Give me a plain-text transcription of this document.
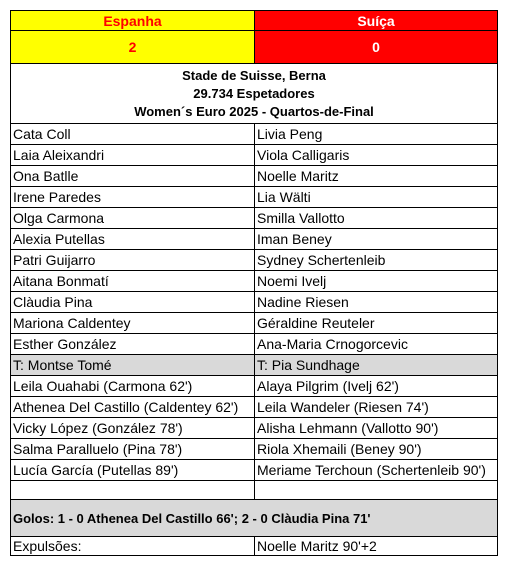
Espanha	Suíça
2	0

Stade de Suisse, Berna
29.734 Espetadores
Women´s Euro 2025 - Quartos-de-Final	

Cata Coll	Livia Peng
Laia Aleixandri	Viola Calligaris
Ona Batlle	Noelle Maritz
Irene Paredes	Lia Wälti
Olga Carmona	Smilla Vallotto
Alexia Putellas	Iman Beney
Patri Guijarro	Sydney Schertenleib
Aitana Bonmatí	Noemi Ivelj
Clàudia Pina	Nadine Riesen
Mariona Caldentey	Géraldine Reuteler
Esther González	Ana-Maria Crnogorcevic
T: Montse Tomé	T: Pia Sundhage
Leila Ouahabi (Carmona 62')	Alaya Pilgrim (Ivelj 62')
Athenea Del Castillo (Caldentey 62')	Leila Wandeler (Riesen 74')
Vicky López (González 78')	Alisha Lehmann (Vallotto 90')
Salma Paralluelo (Pina 78')	Riola Xhemaili (Beney 90')
Lucía García (Putellas 89')	Meriame Terchoun (Schertenleib 90')

Golos: 1 - 0 Athenea Del Castillo 66'; 2 - 0 Clàudia Pina 71'	
Expulsões:	Noelle Maritz 90'+2
